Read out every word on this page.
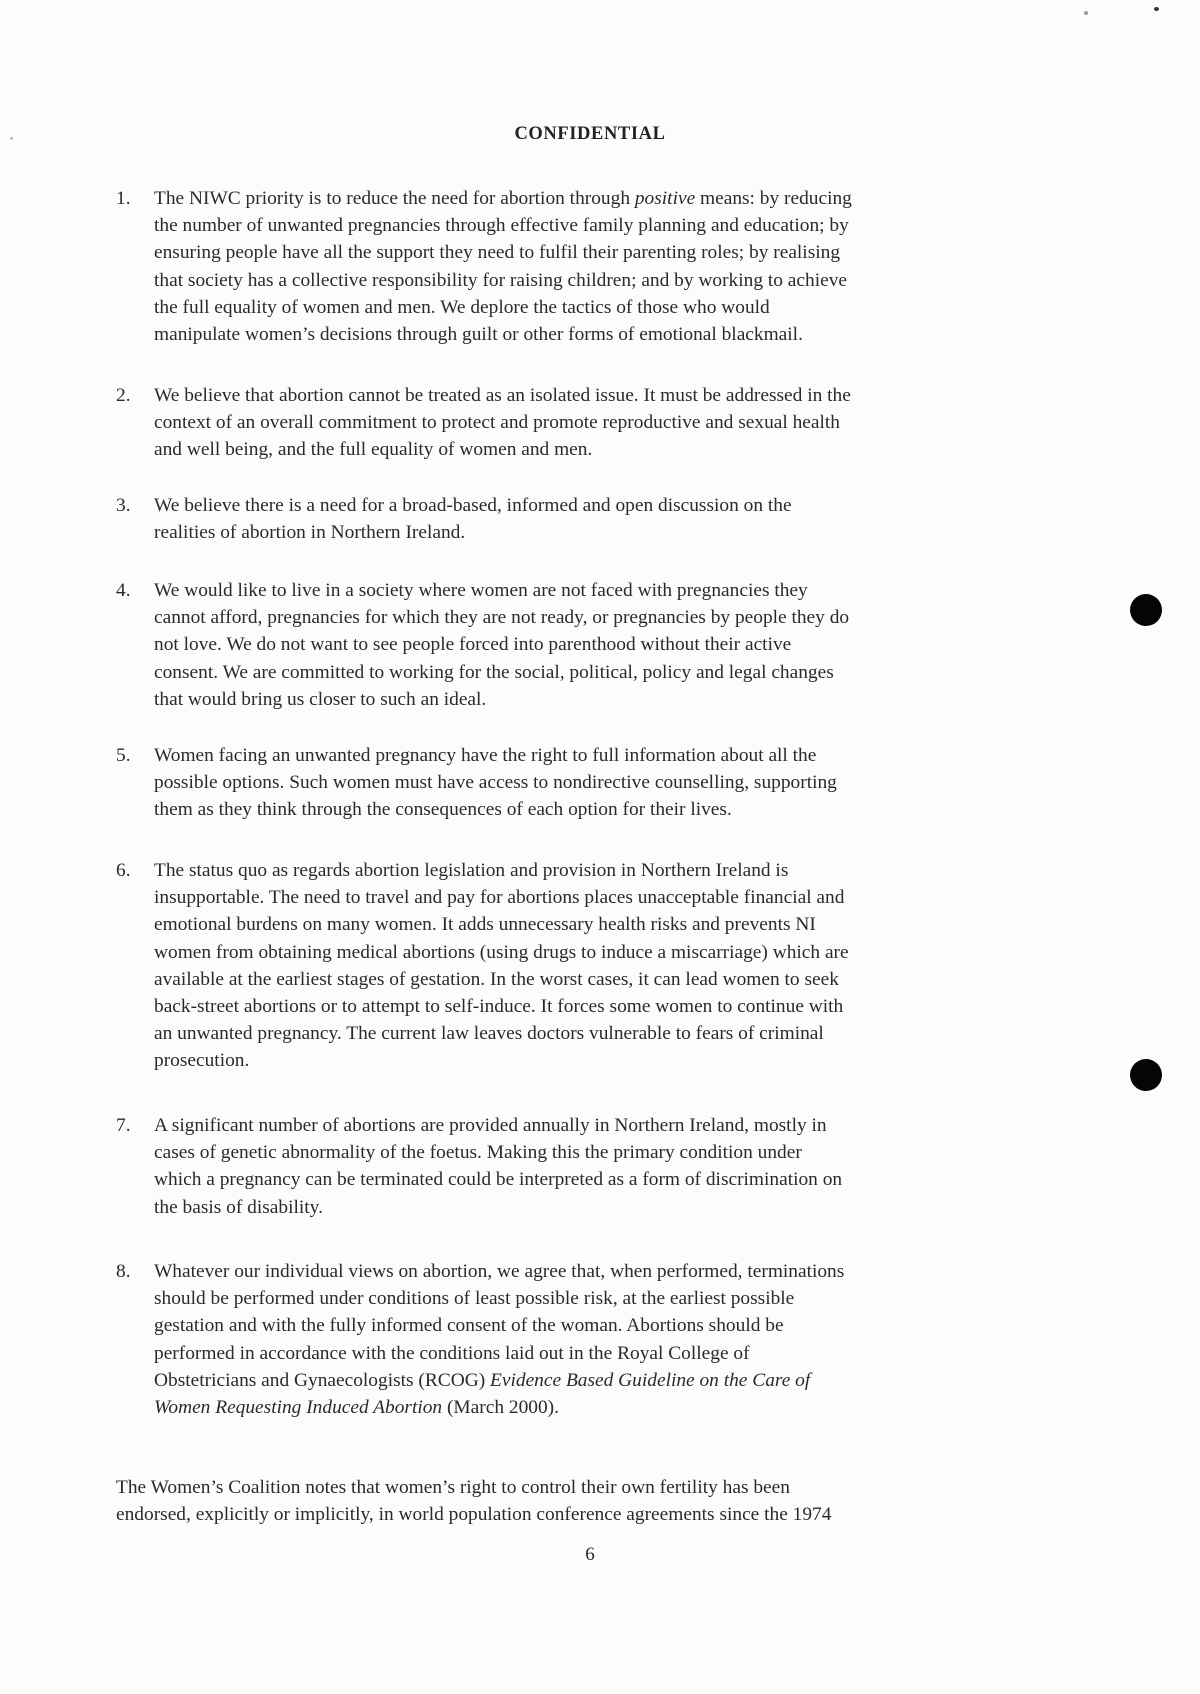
CONFIDENTIAL
1.	The NIWC priority is to reduce the need for abortion through positive means: by reducing
the number of unwanted pregnancies through effective family planning and education; by
ensuring people have all the support they need to fulfil their parenting roles; by realising
that society has a collective responsibility for raising children; and by working to achieve
the full equality of women and men. We deplore the tactics of those who would
manipulate women’s decisions through guilt or other forms of emotional blackmail.
2.	We believe that abortion cannot be treated as an isolated issue. It must be addressed in the
context of an overall commitment to protect and promote reproductive and sexual health
and well being, and the full equality of women and men.
3.	We believe there is a need for a broad-based, informed and open discussion on the
realities of abortion in Northern Ireland.
4.	We would like to live in a society where women are not faced with pregnancies they
cannot afford, pregnancies for which they are not ready, or pregnancies by people they do
not love. We do not want to see people forced into parenthood without their active
consent. We are committed to working for the social, political, policy and legal changes
that would bring us closer to such an ideal.
5.	Women facing an unwanted pregnancy have the right to full information about all the
possible options. Such women must have access to nondirective counselling, supporting
them as they think through the consequences of each option for their lives.
6.	The status quo as regards abortion legislation and provision in Northern Ireland is
insupportable. The need to travel and pay for abortions places unacceptable financial and
emotional burdens on many women. It adds unnecessary health risks and prevents NI
women from obtaining medical abortions (using drugs to induce a miscarriage) which are
available at the earliest stages of gestation. In the worst cases, it can lead women to seek
back-street abortions or to attempt to self-induce. It forces some women to continue with
an unwanted pregnancy. The current law leaves doctors vulnerable to fears of criminal
prosecution.
7.	A significant number of abortions are provided annually in Northern Ireland, mostly in
cases of genetic abnormality of the foetus. Making this the primary condition under
which a pregnancy can be terminated could be interpreted as a form of discrimination on
the basis of disability.
8.	Whatever our individual views on abortion, we agree that, when performed, terminations
should be performed under conditions of least possible risk, at the earliest possible
gestation and with the fully informed consent of the woman. Abortions should be
performed in accordance with the conditions laid out in the Royal College of
Obstetricians and Gynaecologists (RCOG) Evidence Based Guideline on the Care of
Women Requesting Induced Abortion (March 2000).
The Women’s Coalition notes that women’s right to control their own fertility has been
endorsed, explicitly or implicitly, in world population conference agreements since the 1974
6
